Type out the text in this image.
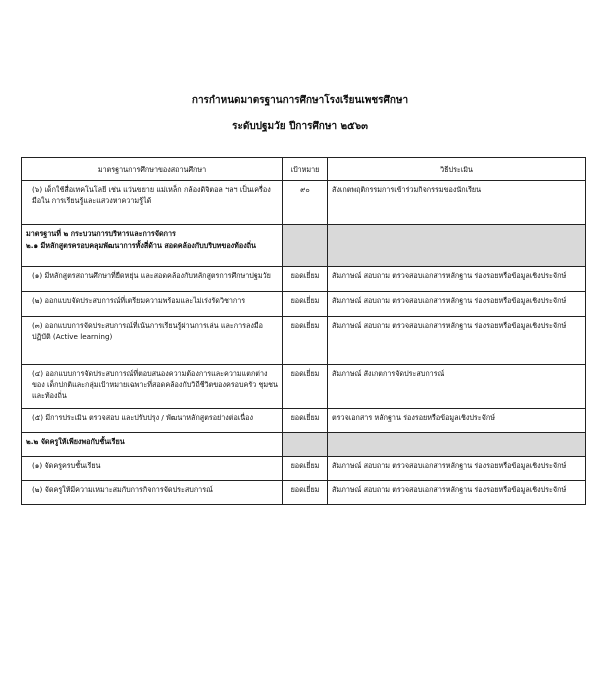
การกำหนดมาตรฐานการศึกษาโรงเรียนเพชรศึกษา
ระดับปฐมวัย ปีการศึกษา ๒๕๖๓
มาตรฐานการศึกษาของสถานศึกษา	เป้าหมาย	วิธีประเมิน
(๖) เด็กใช้สื่อเทคโนโลยี เช่น แว่นขยาย แม่เหล็ก กล้องดิจิตอล ฯลฯ เป็นเครื่องมือใน การเรียนรู้และแสวงหาความรู้ได้	๙๐	สังเกตพฤติกรรมการเข้าร่วมกิจกรรมของนักเรียน

มาตรฐานที่ ๒ กระบวนการบริหารและการจัดการ
๒.๑ มีหลักสูตรครอบคลุมพัฒนาการทั้งสี่ด้าน สอดคล้องกับบริบทของท้องถิ่น		

(๑) มีหลักสูตรสถานศึกษาที่ยืดหยุ่น และสอดคล้องกับหลักสูตรการศึกษาปฐมวัย	ยอดเยี่ยม	สัมภาษณ์ สอบถาม ตรวจสอบเอกสารหลักฐาน ร่องรอยหรือข้อมูลเชิงประจักษ์
(๒) ออกแบบจัดประสบการณ์ที่เตรียมความพร้อมและไม่เร่งรัดวิชาการ	ยอดเยี่ยม	สัมภาษณ์ สอบถาม ตรวจสอบเอกสารหลักฐาน ร่องรอยหรือข้อมูลเชิงประจักษ์
(๓) ออกแบบการจัดประสบการณ์ที่เน้นการเรียนรู้ผ่านการเล่น และการลงมือปฏิบัติ (Active learning)	ยอดเยี่ยม	สัมภาษณ์ สอบถาม ตรวจสอบเอกสารหลักฐาน ร่องรอยหรือข้อมูลเชิงประจักษ์
(๔) ออกแบบการจัดประสบการณ์ที่ตอบสนองความต้องการและความแตกต่างของ เด็กปกติและกลุ่มเป้าหมายเฉพาะที่สอดคล้องกับวิถีชีวิตของครอบครัว ชุมชนและท้องถิ่น	ยอดเยี่ยม	สัมภาษณ์ สังเกตการจัดประสบการณ์
(๕) มีการประเมิน ตรวจสอบ และปรับปรุง / พัฒนาหลักสูตรอย่างต่อเนื่อง	ยอดเยี่ยม	ตรวจเอกสาร หลักฐาน ร่องรอยหรือข้อมูลเชิงประจักษ์
๒.๒ จัดครูให้เพียงพอกับชั้นเรียน		
(๑) จัดครูครบชั้นเรียน	ยอดเยี่ยม	สัมภาษณ์ สอบถาม ตรวจสอบเอกสารหลักฐาน ร่องรอยหรือข้อมูลเชิงประจักษ์
(๒) จัดครูให้มีความเหมาะสมกับการกิจการจัดประสบการณ์	ยอดเยี่ยม	สัมภาษณ์ สอบถาม ตรวจสอบเอกสารหลักฐาน ร่องรอยหรือข้อมูลเชิงประจักษ์
